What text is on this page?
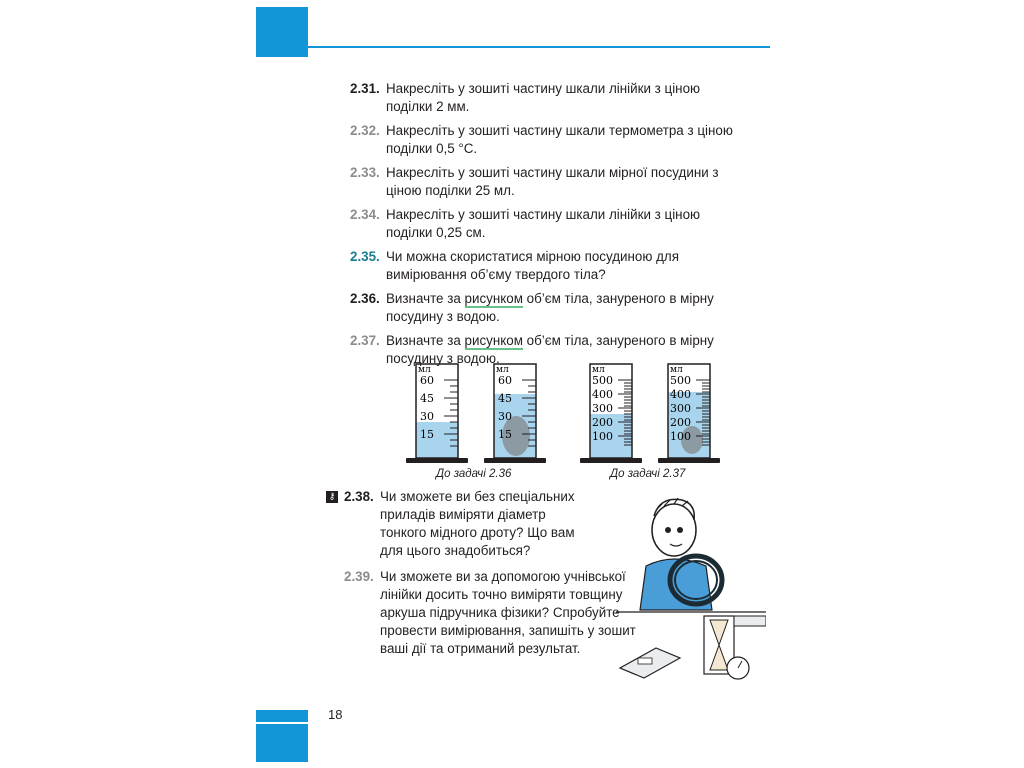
2.31. Накресліть у зошиті частину шкали лінійки з ціною поділки 2 мм.
2.32. Накресліть у зошиті частину шкали термометра з ціною поділки 0,5 °С.
2.33. Накресліть у зошиті частину шкали мірної посудини з ціною поділки 25 мл.
2.34. Накресліть у зошиті частину шкали лінійки з ціною поділки 0,25 см.
2.35. Чи можна скористатися мірною посудиною для вимірювання об’єму твердого тіла?
2.36. Визначте за рисунком об’єм тіла, зануреного в мірну посудину з водою.
2.37. Визначте за рисунком об’єм тіла, зануреного в мірну посудину з водою.
мл
60
45
30
15
мл
60
45
30
15
мл
500
400
300
200
100
мл
500
400
300
200
100
До задачі 2.36	До задачі 2.37
⚷ 2.38. Чи зможете ви без спеціальних приладів виміряти діаметр тонкого мідного дроту? Що вам для цього знадобиться?
2.39. Чи зможете ви за допомогою учнівської лінійки досить точно виміряти товщину аркуша підручника фізики? Спробуйте провести вимірювання, запишіть у зошит ваші дії та отриманий результат.
18
